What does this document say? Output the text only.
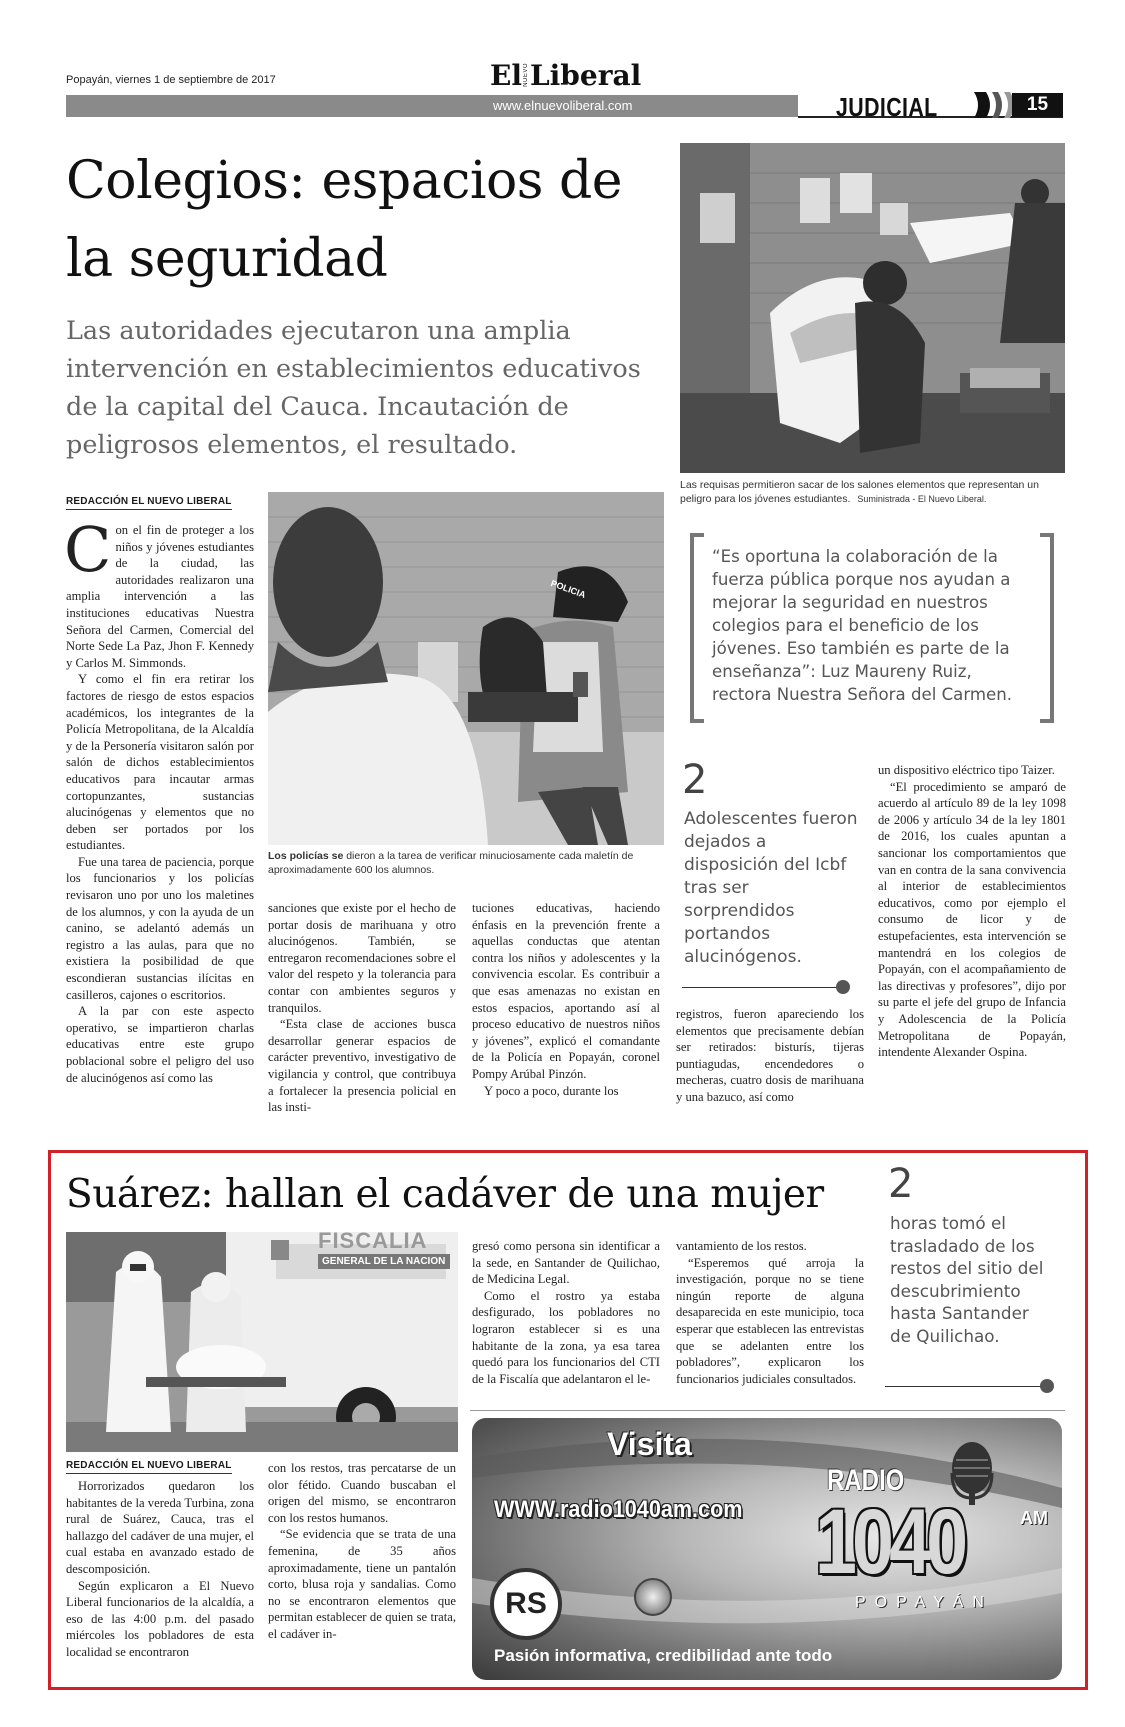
Popayán, viernes 1 de septiembre de 2017	El NUEVO Liberal
www.elnuevoliberal.com	JUDICIAL	15
Colegios: espacios de la seguridad
Las autoridades ejecutaron una amplia intervención en establecimientos educativos de la capital del Cauca. Incautación de peligrosos elementos, el resultado.
Las requisas permitieron sacar de los salones elementos que representan un peligro para los jóvenes estudiantes. Suministrada - El Nuevo Liberal.
REDACCIÓN EL NUEVO LIBERAL
C on el fin de proteger a los niños y jóvenes estudiantes de la ciudad, las autoridades realizaron una amplia intervención a las instituciones educativas Nuestra Señora del Carmen, Comercial del Norte Sede La Paz, Jhon F. Kennedy y Carlos M. Simmonds.

Y como el fin era retirar los factores de riesgo de estos espacios académicos, los integrantes de la Policía Metropolitana, de la Alcaldía y de la Personería visitaron salón por salón de dichos establecimientos educativos para incautar armas cortopunzantes, sustancias alucinógenas y elementos que no deben ser portados por los estudiantes.

Fue una tarea de paciencia, porque los funcionarios y los policías revisaron uno por uno los maletines de los alumnos, y con la ayuda de un canino, se adelantó además un registro a las aulas, para que no existiera la posibilidad de que escondieran sustancias ilícitas en casilleros, cajones o escritorios.

A la par con este aspecto operativo, se impartieron charlas educativas entre este grupo poblacional sobre el peligro del uso de alucinógenos así como las

POLICIA
Los policías se dieron a la tarea de verificar minuciosamente cada maletín de aproximadamente 600 los alumnos.

sanciones que existe por el hecho de portar dosis de marihuana y otro alucinógenos. También, se entregaron recomendaciones sobre el valor del respeto y la tolerancia para contar con ambientes seguros y tranquilos.

“Esta clase de acciones busca desarrollar generar espacios de carácter preventivo, investigativo de vigilancia y control, que contribuya a fortalecer la presencia policial en las insti-

tuciones educativas, haciendo énfasis en la prevención frente a aquellas conductas que atentan contra los niños y adolescentes y la convivencia escolar. Es contribuir a que esas amenazas no existan en estos espacios, aportando así al proceso educativo de nuestros niños y jóvenes”, explicó el comandante de la Policía en Popayán, coronel Pompy Arúbal Pinzón.

Y poco a poco, durante los

“Es oportuna la colaboración de la fuerza pública porque nos ayudan a mejorar la seguridad en nuestros colegios para el beneficio de los jóvenes. Eso también es parte de la enseñanza”: Luz Maureny Ruiz, rectora Nuestra Señora del Carmen.
2
Adolescentes fueron dejados a disposición del Icbf tras ser sorprendidos portandos alucinógenos.

registros, fueron apareciendo los elementos que precisamente debían ser retirados: bisturís, tijeras puntiagudas, encendedores o mecheras, cuatro dosis de marihuana y una bazuco, así como

un dispositivo eléctrico tipo Taizer.

“El procedimiento se amparó de acuerdo al artículo 89 de la ley 1098 de 2006 y artículo 34 de la ley 1801 de 2016, los cuales apuntan a sancionar los comportamientos que van en contra de la sana convivencia al interior de establecimientos educativos, como por ejemplo el consumo de licor y de estupefacientes, esta intervención se mantendrá en los colegios de Popayán, con el acompañamiento de las directivas y profesores”, dijo por su parte el jefe del grupo de Infancia y Adolescencia de la Policía Metropolitana de Popayán, intendente Alexander Ospina.

Suárez: hallan el cadáver de una mujer
FISCALIA
GENERAL DE LA NACION
REDACCIÓN EL NUEVO LIBERAL

Horrorizados quedaron los habitantes de la vereda Turbina, zona rural de Suárez, Cauca, tras el hallazgo del cadáver de una mujer, el cual estaba en avanzado estado de descomposición.

Según explicaron a El Nuevo Liberal funcionarios de la alcaldía, a eso de las 4:00 p.m. del pasado miércoles los pobladores de esta localidad se encontraron

con los restos, tras percatarse de un olor fétido. Cuando buscaban el origen del mismo, se encontraron con los restos humanos.

“Se evidencia que se trata de una femenina, de 35 años aproximadamente, tiene un pantalón corto, blusa roja y sandalias. Como no se encontraron elementos que permitan establecer de quien se trata, el cadáver in-

gresó como persona sin identificar a la sede, en Santander de Quilichao, de Medicina Legal.

Como el rostro ya estaba desfigurado, los pobladores no lograron establecer si es una habitante de la zona, ya esa tarea quedó para los funcionarios del CTI de la Fiscalía que adelantaron el le-

vantamiento de los restos.

“Esperemos qué arroja la investigación, porque no se tiene ningún reporte de alguna desaparecida en este municipio, toca esperar que establecen las entrevistas que se adelanten entre los pobladores”, explicaron los funcionarios judiciales consultados.

2
horas tomó el trasladado de los restos del sitio del descubrimiento hasta Santander de Quilichao.
Visita
WWW.radio1040am.com
RADIO
1040	AM
POPAYÁN
RS
Pasión informativa, credibilidad ante todo
